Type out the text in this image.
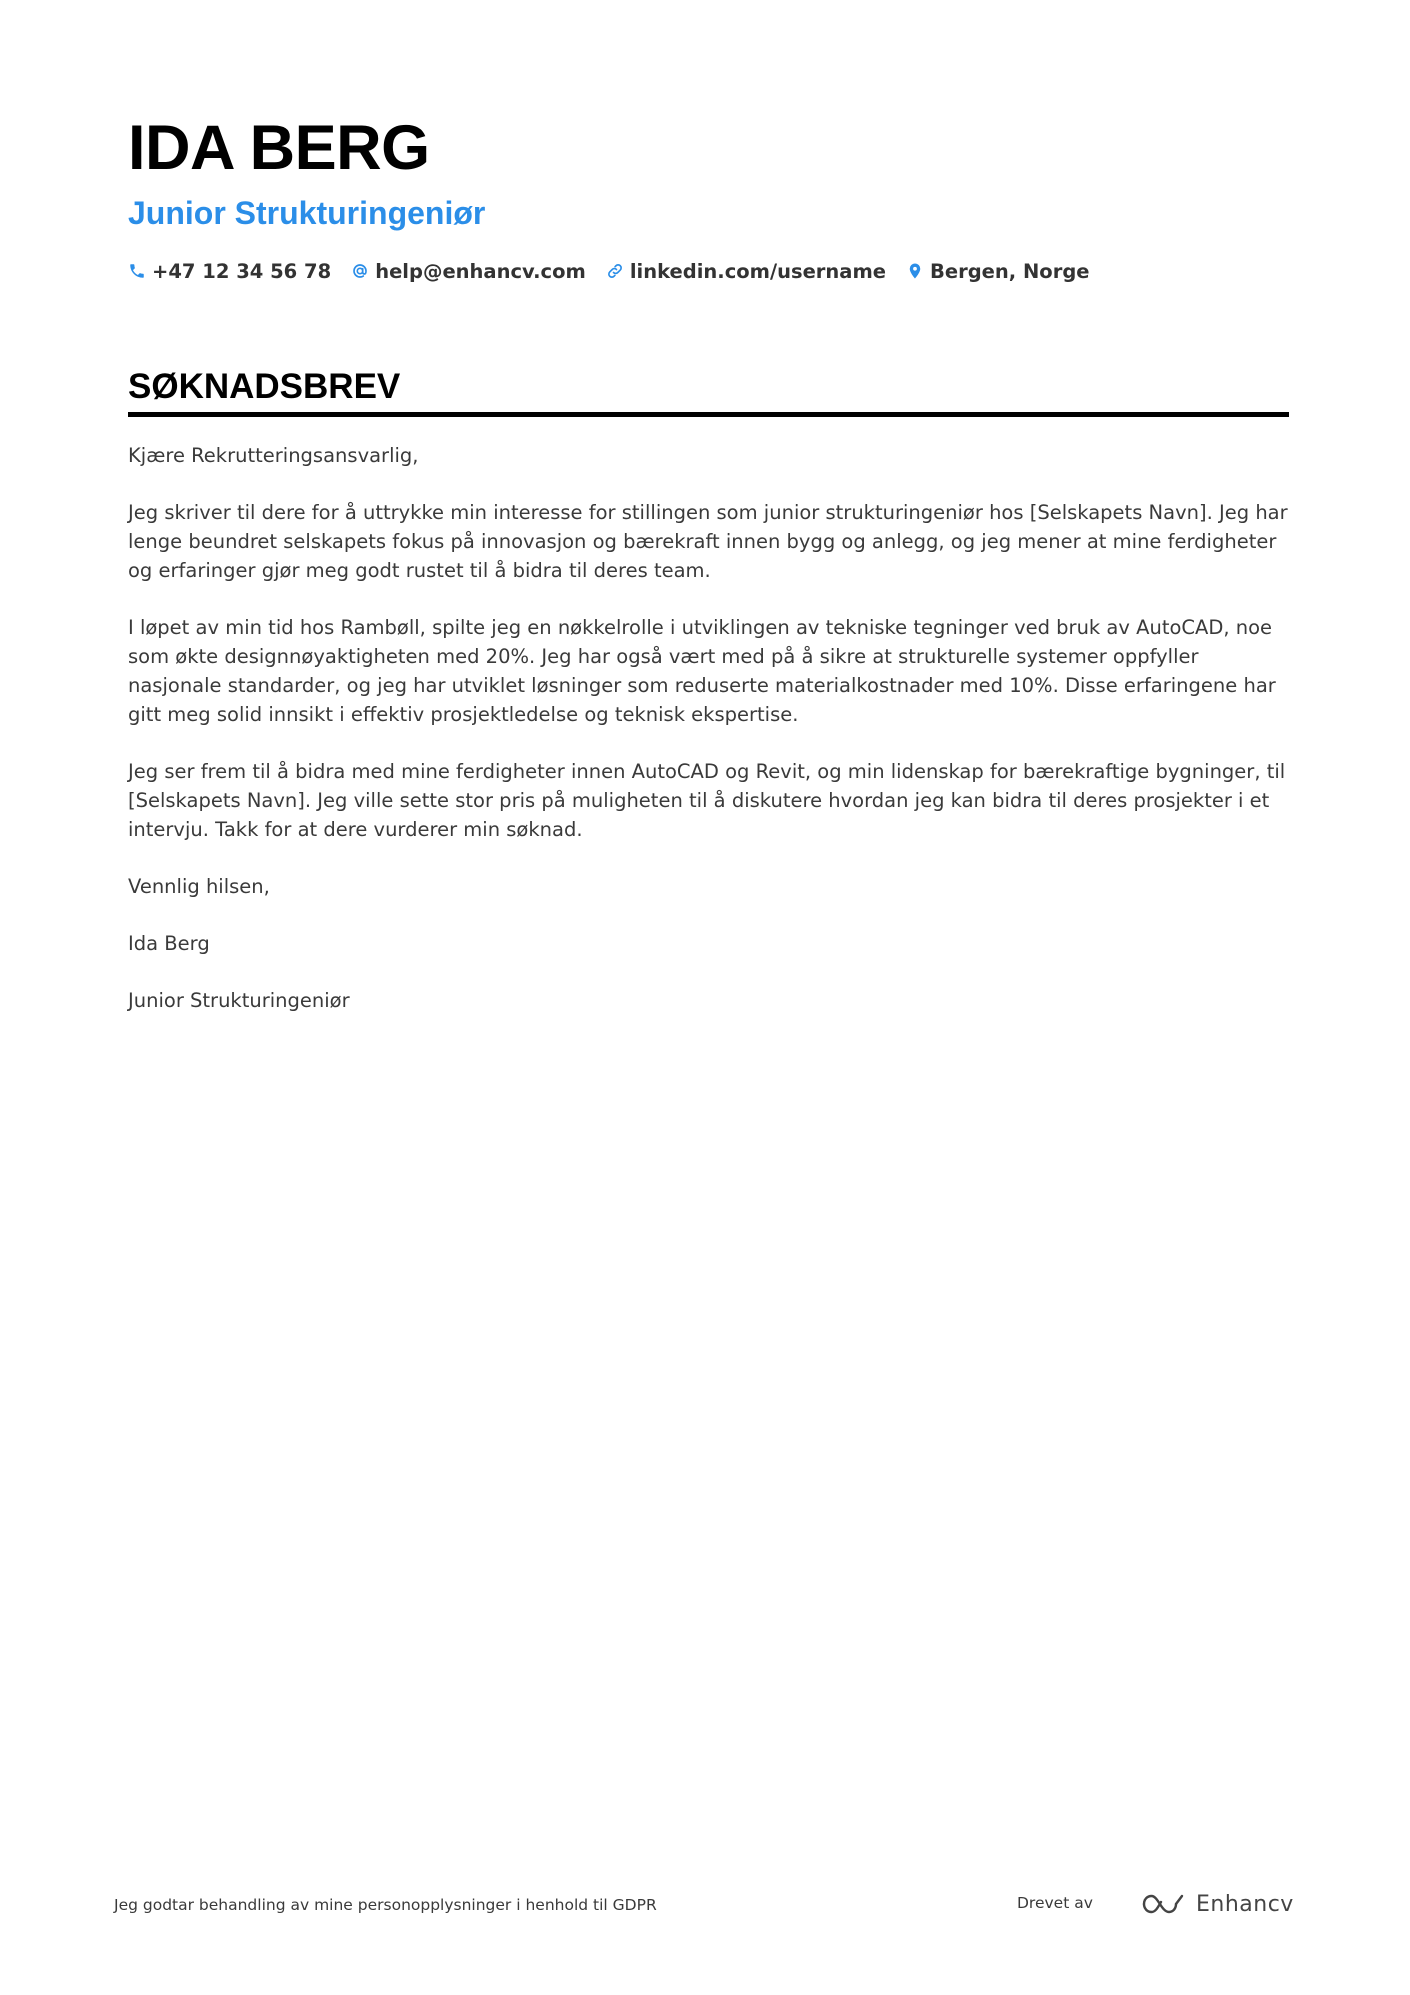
IDA BERG
Junior Strukturingeniør
+47 12 34 56 78 help@enhancv.com linkedin.com/username Bergen, Norge
SØKNADSBREV

Kjære Rekrutteringsansvarlig,

Jeg skriver til dere for å uttrykke min interesse for stillingen som junior strukturingeniør hos [Selskapets Navn]. Jeg har lenge beundret selskapets fokus på innovasjon og bærekraft innen bygg og anlegg, og jeg mener at mine ferdigheter og erfaringer gjør meg godt rustet til å bidra til deres team.

I løpet av min tid hos Rambøll, spilte jeg en nøkkelrolle i utviklingen av tekniske tegninger ved bruk av AutoCAD, noe som økte designnøyaktigheten med 20%. Jeg har også vært med på å sikre at strukturelle systemer oppfyller nasjonale standarder, og jeg har utviklet løsninger som reduserte materialkostnader med 10%. Disse erfaringene har gitt meg solid innsikt i effektiv prosjektledelse og teknisk ekspertise.

Jeg ser frem til å bidra med mine ferdigheter innen AutoCAD og Revit, og min lidenskap for bærekraftige bygninger, til [Selskapets Navn]. Jeg ville sette stor pris på muligheten til å diskutere hvordan jeg kan bidra til deres prosjekter i et intervju. Takk for at dere vurderer min søknad.

Vennlig hilsen,

Ida Berg

Junior Strukturingeniør

Jeg godtar behandling av mine personopplysninger i henhold til GDPR	Drevet av	Enhancv
